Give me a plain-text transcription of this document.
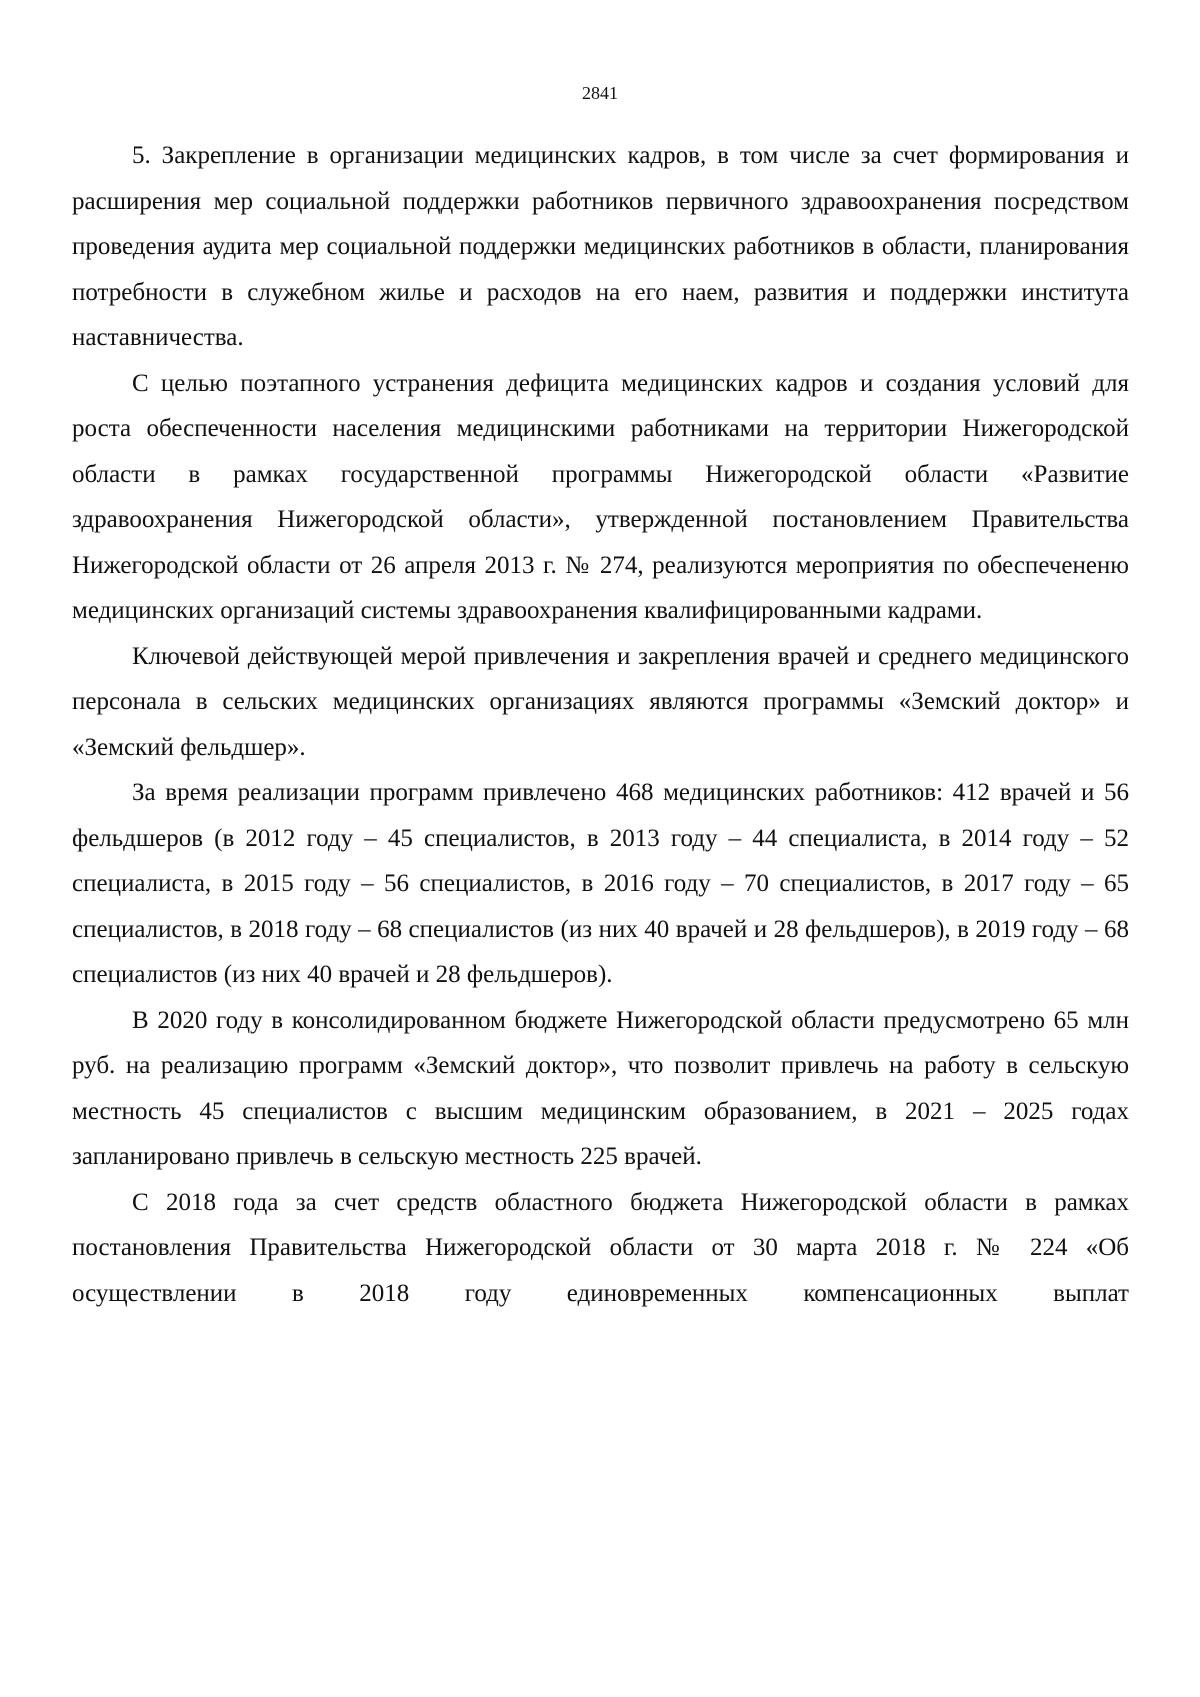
2841

5. Закрепление в организации медицинских кадров, в том числе за счет формирования и расширения мер социальной поддержки работников первичного здравоохранения посредством проведения аудита мер социальной поддержки медицинских работников в области, планирования потребности в служебном жилье и расходов на его наем, развития и поддержки института наставничества.

С целью поэтапного устранения дефицита медицинских кадров и создания условий для роста обеспеченности населения медицинскими работниками на территории Нижегородской области в рамках государственной программы Нижегородской области «Развитие здравоохранения Нижегородской области», утвержденной постановлением Правительства Нижегородской области от 26 апреля 2013 г. № 274, реализуются мероприятия по обеспечененю медицинских организаций системы здравоохранения квалифицированными кадрами.

Ключевой действующей мерой привлечения и закрепления врачей и среднего медицинского персонала в сельских медицинских организациях являются программы «Земский доктор» и «Земский фельдшер».

За время реализации программ привлечено 468 медицинских работников: 412 врачей и 56 фельдшеров (в 2012 году – 45 специалистов, в 2013 году – 44 специалиста, в 2014 году – 52 специалиста, в 2015 году – 56 специалистов, в 2016 году – 70 специалистов, в 2017 году – 65 специалистов, в 2018 году – 68 специалистов (из них 40 врачей и 28 фельдшеров), в 2019 году – 68 специалистов (из них 40 врачей и 28 фельдшеров).

В 2020 году в консолидированном бюджете Нижегородской области предусмотрено 65 млн руб. на реализацию программ «Земский доктор», что позволит привлечь на работу в сельскую местность 45 специалистов с высшим медицинским образованием, в 2021 – 2025 годах запланировано привлечь в сельскую местность 225 врачей.

С 2018 года за счет средств областного бюджета Нижегородской области в рамках постановления Правительства Нижегородской области от 30 марта 2018 г. № 224 «Об осуществлении в 2018 году единовременных компенсационных выплат
